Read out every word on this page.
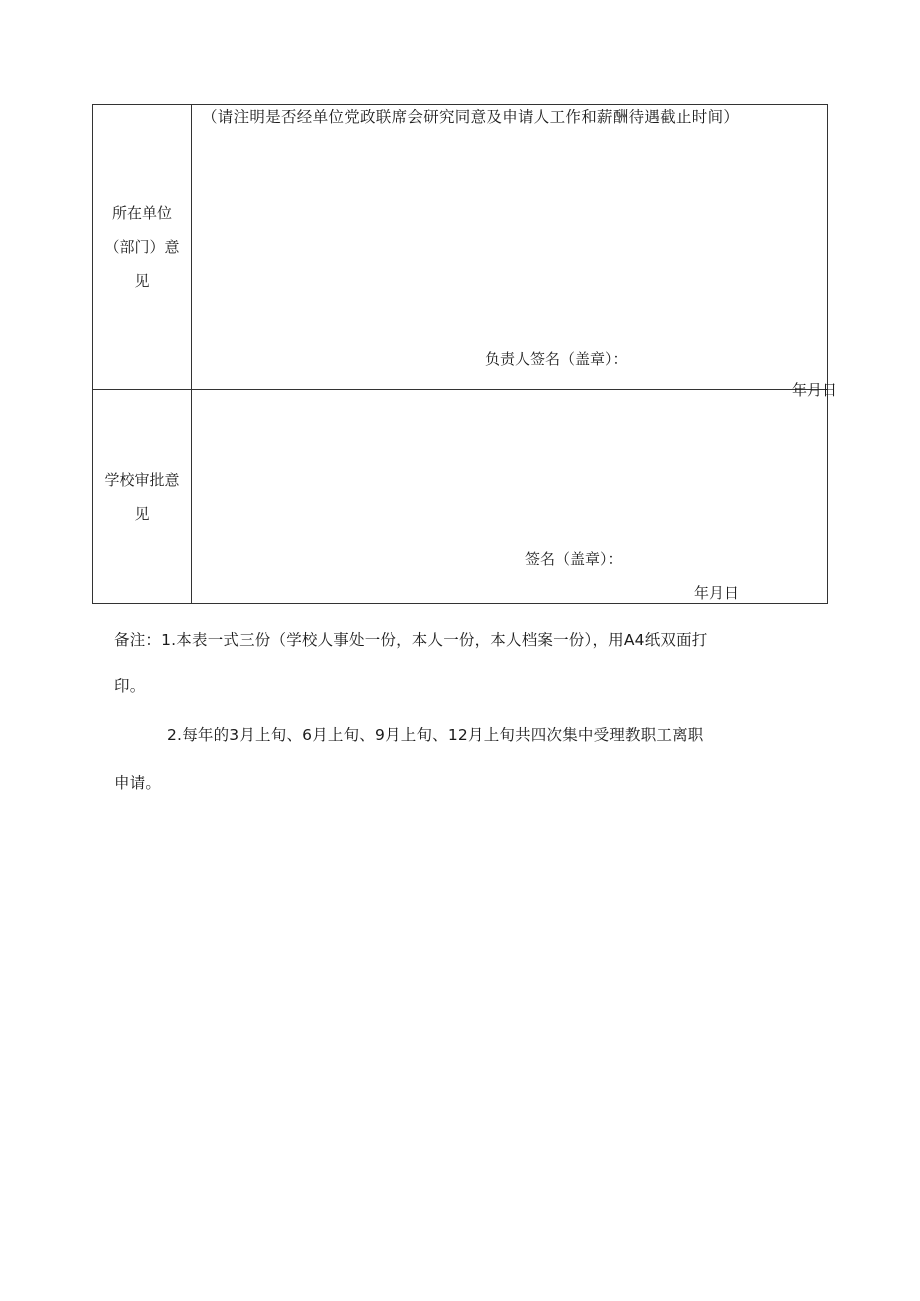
所在单位
（部门）意
见
（请注明是否经单位党政联席会研究同意及申请人工作和薪酬待遇截止时间）
负责人签名（盖章）：
年月日
学校审批意
见
签名（盖章）：
年月日
备注：1.本表一式三份（学校人事处一份，本人一份，本人档案一份），用A4纸双面打
印。
2.每年的3月上旬、6月上旬、9月上旬、12月上旬共四次集中受理教职工离职
申请。
